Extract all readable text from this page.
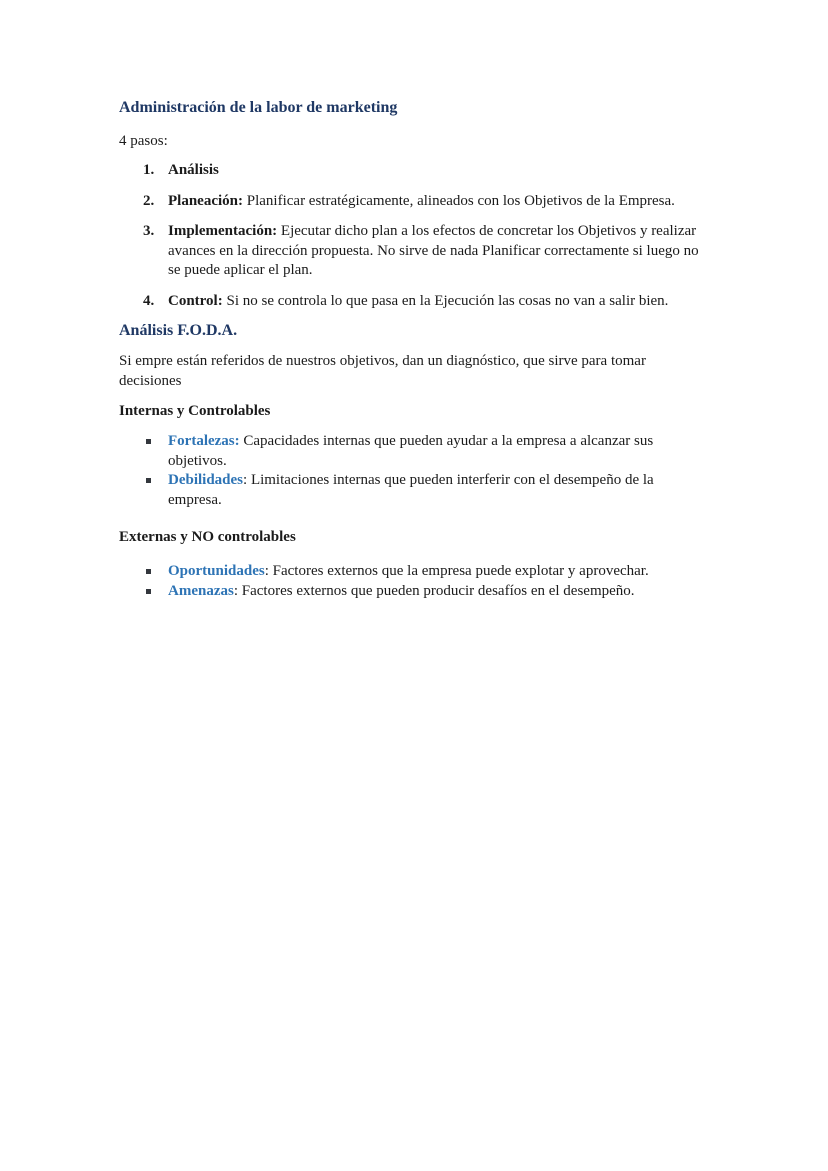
Administración de la labor de marketing

4 pasos:

1. Análisis
2. Planeación: Planificar estratégicamente, alineados con los Objetivos de la Empresa.
3. Implementación: Ejecutar dicho plan a los efectos de concretar los Objetivos y realizar avances en la dirección propuesta. No sirve de nada Planificar correctamente si luego no se puede aplicar el plan.
4. Control: Si no se controla lo que pasa en la Ejecución las cosas no van a salir bien.
Análisis F.O.D.A.

Si empre están referidos de nuestros objetivos, dan un diagnóstico, que sirve para tomar decisiones

Internas y Controlables
Fortalezas: Capacidades internas que pueden ayudar a la empresa a alcanzar sus objetivos.
Debilidades: Limitaciones internas que pueden interferir con el desempeño de la empresa.
Externas y NO controlables
Oportunidades: Factores externos que la empresa puede explotar y aprovechar.
Amenazas: Factores externos que pueden producir desafíos en el desempeño.
